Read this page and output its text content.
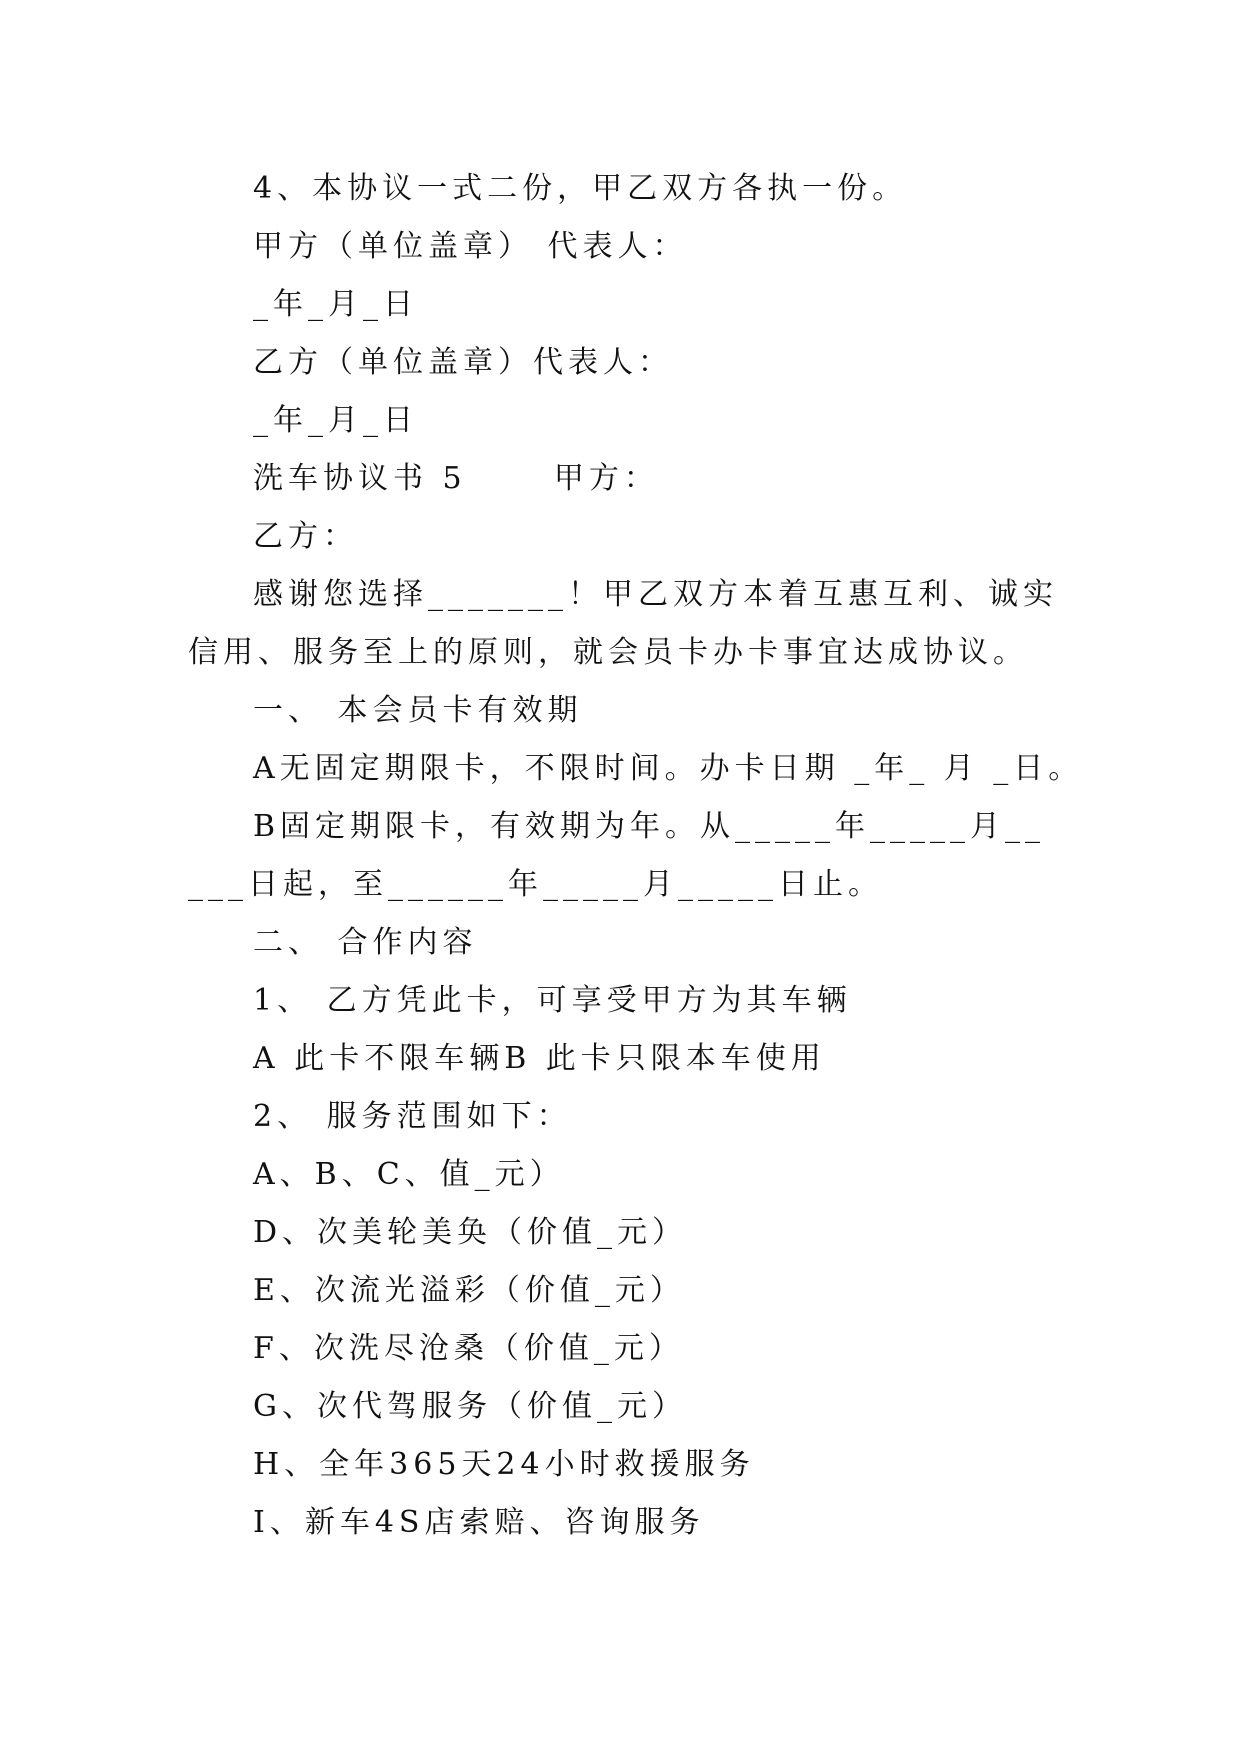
4、本协议一式二份，甲乙双方各执一份。

甲方（单位盖章） 代表人：

_年_月_日

乙方（单位盖章）代表人：

_年_月_日

洗车协议书 5      甲方：

乙方：

感谢您选择_______！甲乙双方本着互惠互利、诚实信用、服务至上的原则，就会员卡办卡事宜达成协议。

一、 本会员卡有效期

A无固定期限卡，不限时间。办卡日期 _年_ 月 _日。

B固定期限卡，有效期为年。从_____年_____月_____日起，至______年_____月_____日止。

二、 合作内容

1、 乙方凭此卡，可享受甲方为其车辆

A 此卡不限车辆B 此卡只限本车使用

2、 服务范围如下：

A、B、C、值_元）

D、次美轮美奂（价值_元）

E、次流光溢彩（价值_元）

F、次洗尽沧桑（价值_元）

G、次代驾服务（价值_元）

H、全年365天24小时救援服务

I、新车4S店索赔、咨询服务
